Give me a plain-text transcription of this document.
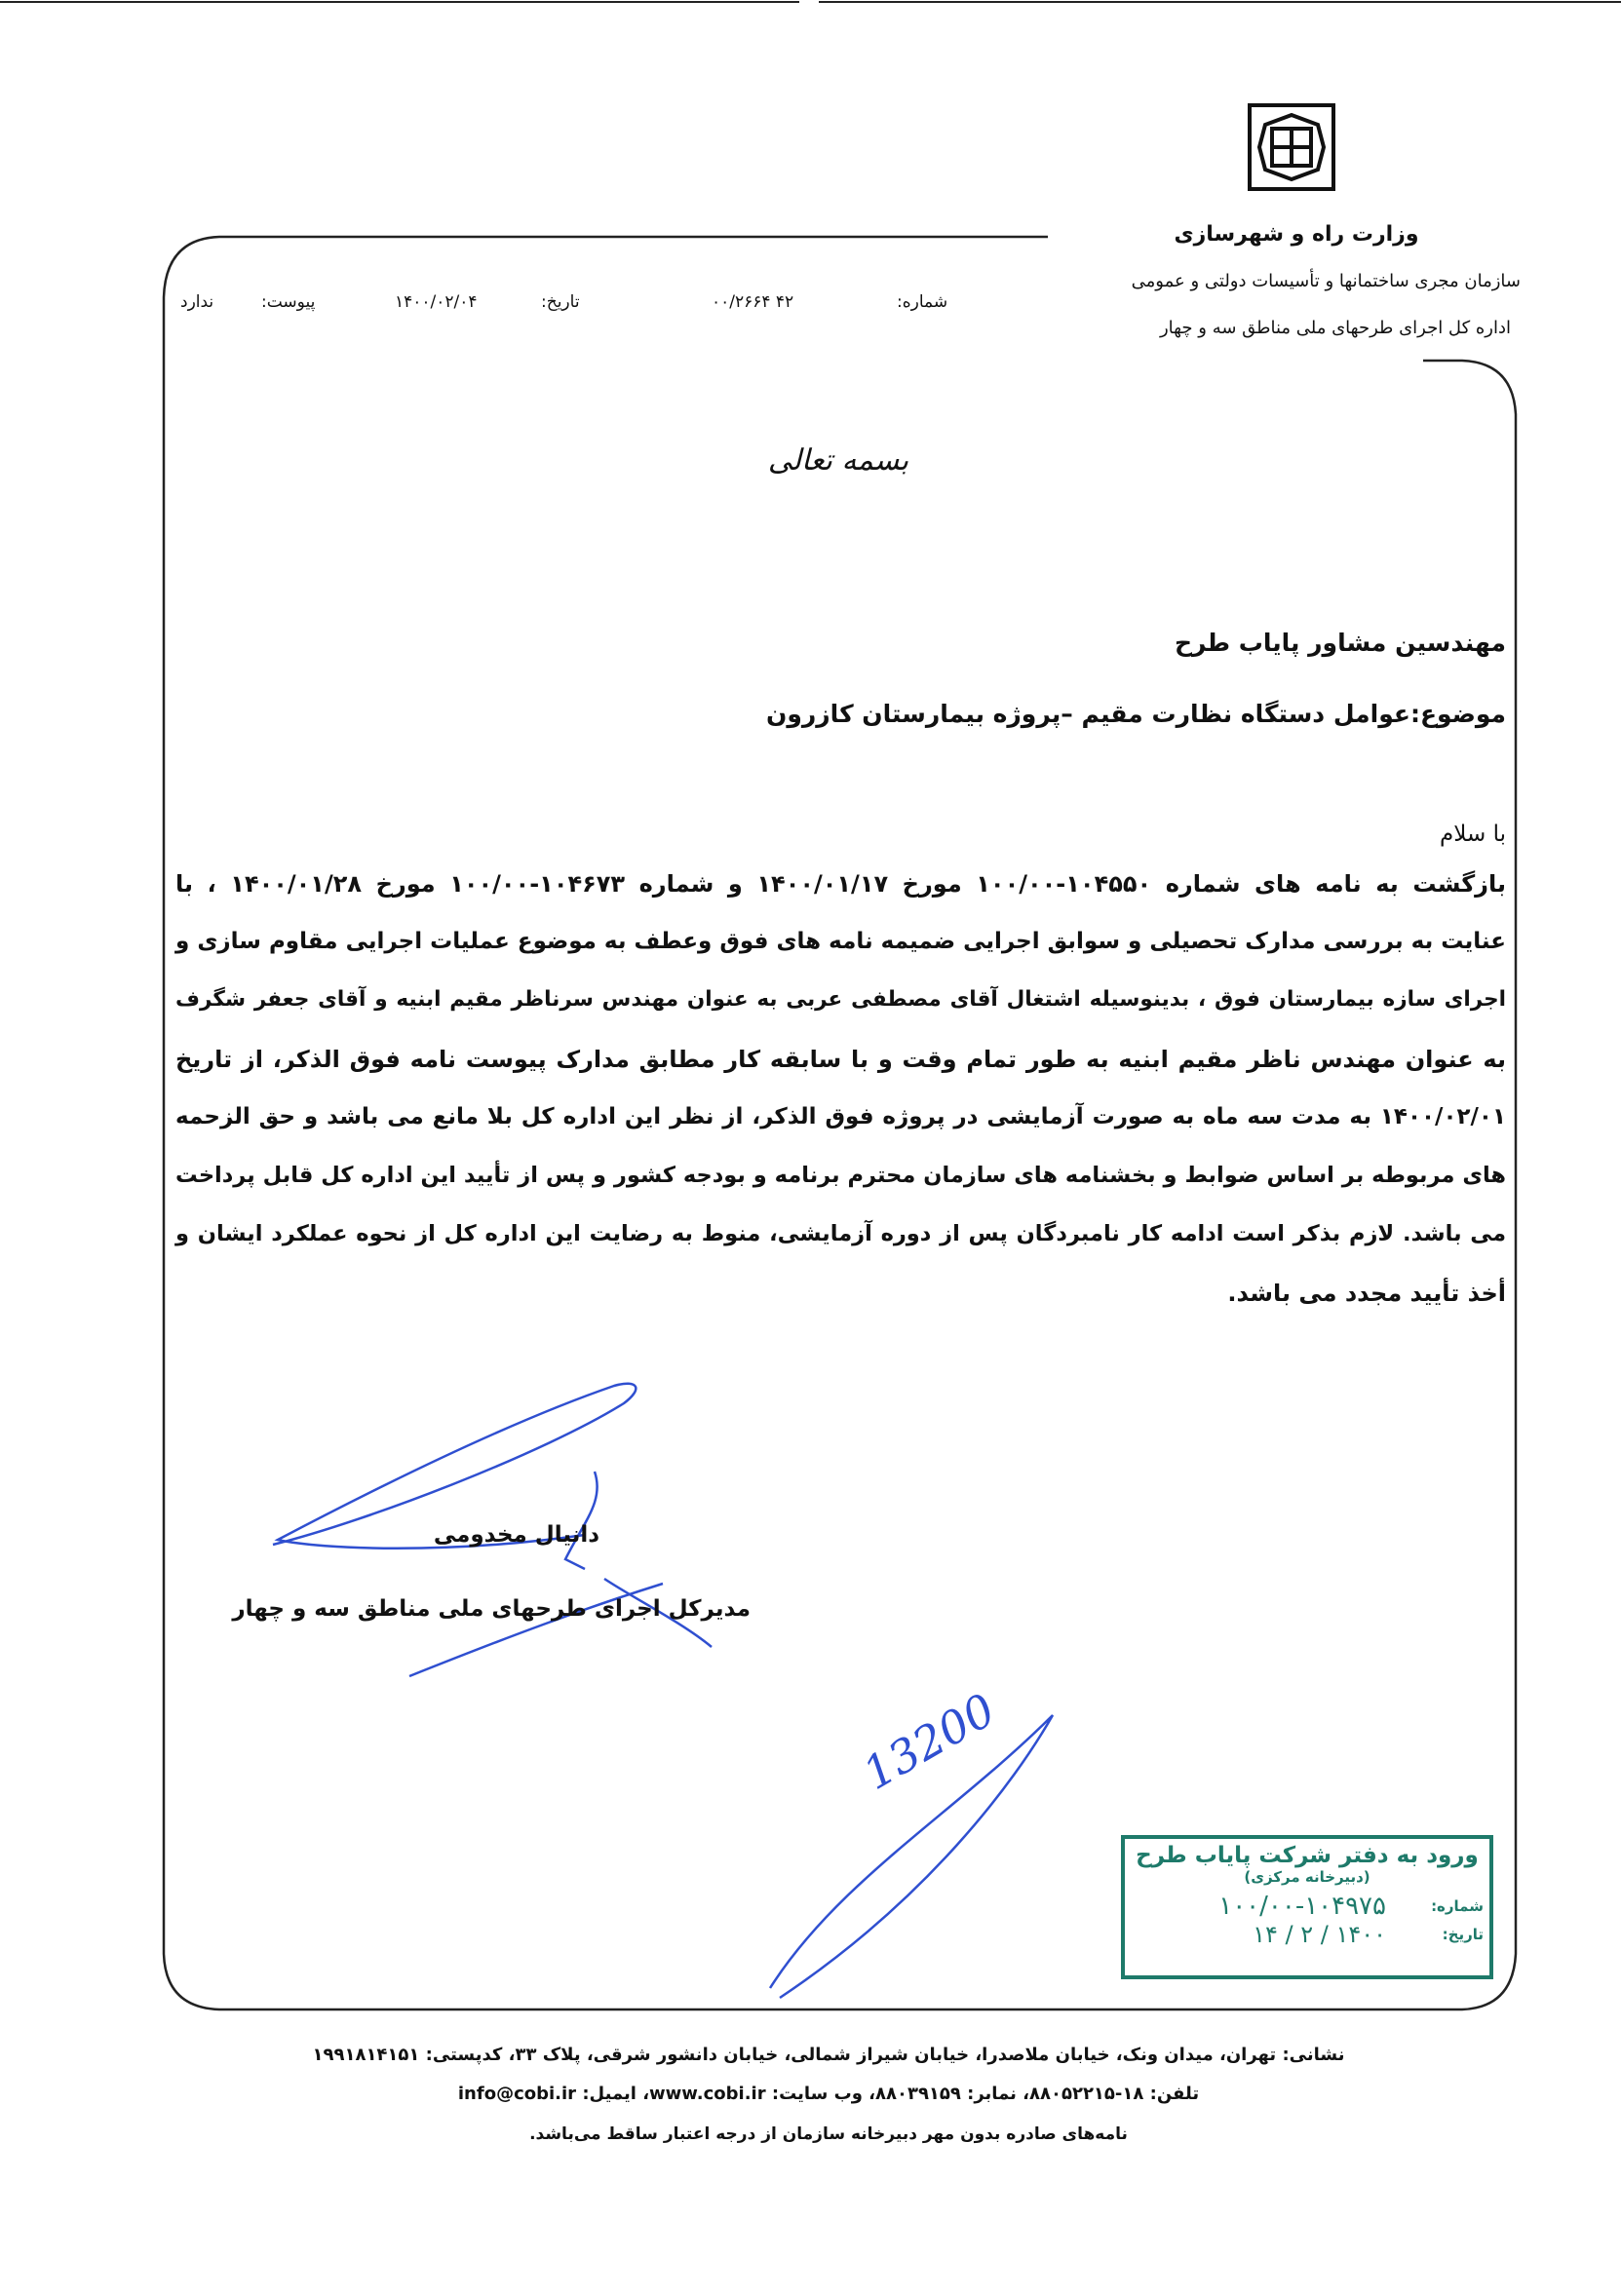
وزارت راه و شهرسازی
سازمان مجری ساختمانها و تأسیسات دولتی و عمومی
اداره کل اجرای طرحهای ملی مناطق سه و چهار
شماره:
۴۲ ۰۰/۲۶۶۴
تاریخ:
۱۴۰۰/۰۲/۰۴
پیوست:
ندارد
بسمه تعالی
مهندسین مشاور پایاب طرح
موضوع:عوامل دستگاه نظارت مقیم –پروژه بیمارستان کازرون
با سلام
بازگشت به نامه های شماره ۱۰۴۵۵۰-۱۰۰/۰۰ مورخ ۱۴۰۰/۰۱/۱۷ و شماره ۱۰۴۶۷۳-۱۰۰/۰۰ مورخ ۱۴۰۰/۰۱/۲۸ ، با
عنایت به بررسی مدارک تحصیلی و سوابق اجرایی ضمیمه نامه های فوق وعطف به موضوع عملیات اجرایی مقاوم سازی و
اجرای سازه بیمارستان فوق ، بدینوسیله اشتغال آقای مصطفی عربی به عنوان مهندس سرناظر مقیم ابنیه و آقای جعفر شگرف
به عنوان مهندس ناظر مقیم ابنیه به طور تمام وقت و با سابقه کار مطابق مدارک پیوست نامه فوق الذکر، از تاریخ
۱۴۰۰/۰۲/۰۱ به مدت سه ماه به صورت آزمایشی در پروژه فوق الذکر، از نظر این اداره کل بلا مانع می باشد و حق الزحمه
های مربوطه بر اساس ضوابط و بخشنامه های سازمان محترم برنامه و بودجه کشور و پس از تأیید این اداره کل قابل پرداخت
می باشد. لازم بذکر است ادامه کار نامبردگان پس از دوره آزمایشی، منوط به رضایت این اداره کل از نحوه عملکرد ایشان و
أخذ تأیید مجدد می باشد.
دانیال مخدومی
مدیرکل اجرای طرحهای ملی مناطق سه و چهار
13200
ورود به دفتر شرکت پایاب طرح
(دبیرخانه مرکزی)
شماره:
۱۰۰/۰۰-۱۰۴۹۷۵
تاریخ:
۱۴۰۰ / ۲ / ۱۴
نشانی: تهران، میدان ونک، خیابان ملاصدرا، خیابان شیراز شمالی، خیابان دانشور شرقی، پلاک ۳۳، کدپستی: ۱۹۹۱۸۱۴۱۵۱
تلفن: ۱۸-۸۸۰۵۲۲۱۵، نمابر: ۸۸۰۳۹۱۵۹، وب سایت: www.cobi.ir، ایمیل: info@cobi.ir
نامه‌های صادره بدون مهر دبیرخانه سازمان از درجه اعتبار ساقط می‌باشد.
